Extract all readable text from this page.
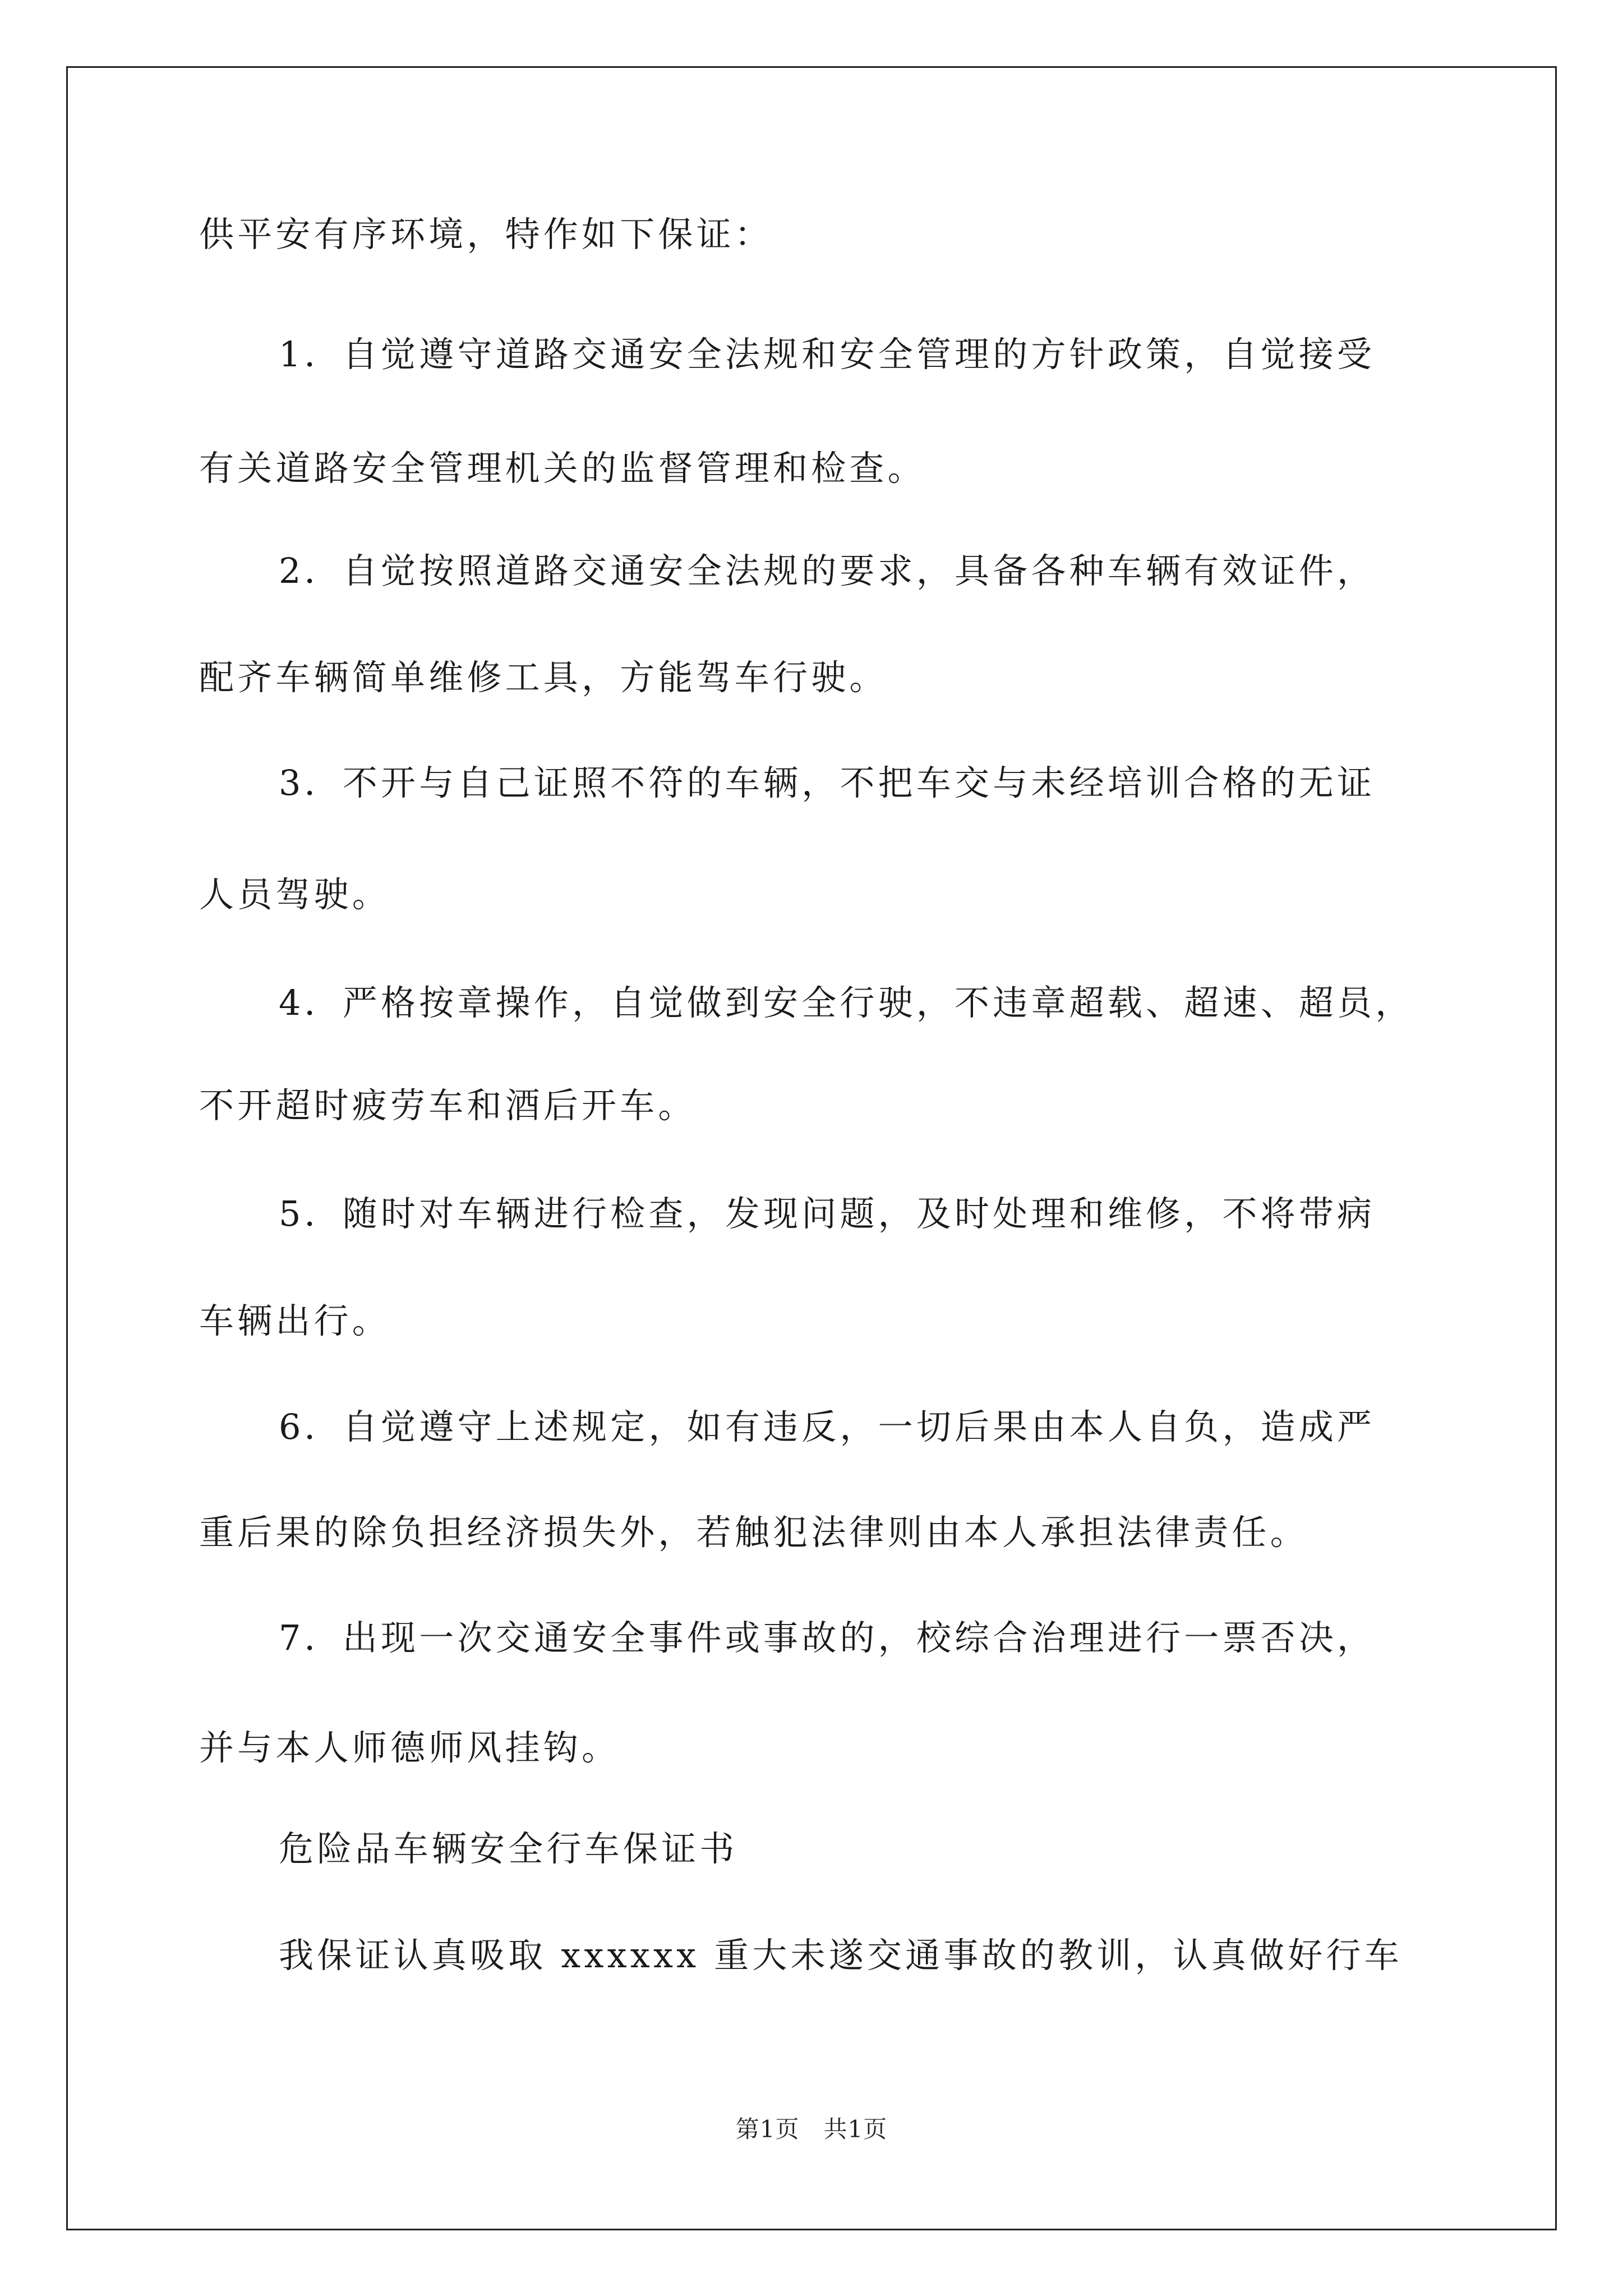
供平安有序环境，特作如下保证：
1．自觉遵守道路交通安全法规和安全管理的方针政策，自觉接受
有关道路安全管理机关的监督管理和检查。
2．自觉按照道路交通安全法规的要求，具备各种车辆有效证件，
配齐车辆简单维修工具，方能驾车行驶。
3．不开与自己证照不符的车辆，不把车交与未经培训合格的无证
人员驾驶。
4．严格按章操作，自觉做到安全行驶，不违章超载、超速、超员，
不开超时疲劳车和酒后开车。
5．随时对车辆进行检查，发现问题，及时处理和维修，不将带病
车辆出行。
6．自觉遵守上述规定，如有违反，一切后果由本人自负，造成严
重后果的除负担经济损失外，若触犯法律则由本人承担法律责任。
7．出现一次交通安全事件或事故的，校综合治理进行一票否决，
并与本人师德师风挂钩。
危险品车辆安全行车保证书
我保证认真吸取 xxxxxx 重大未遂交通事故的教训，认真做好行车
第1页　共1页
